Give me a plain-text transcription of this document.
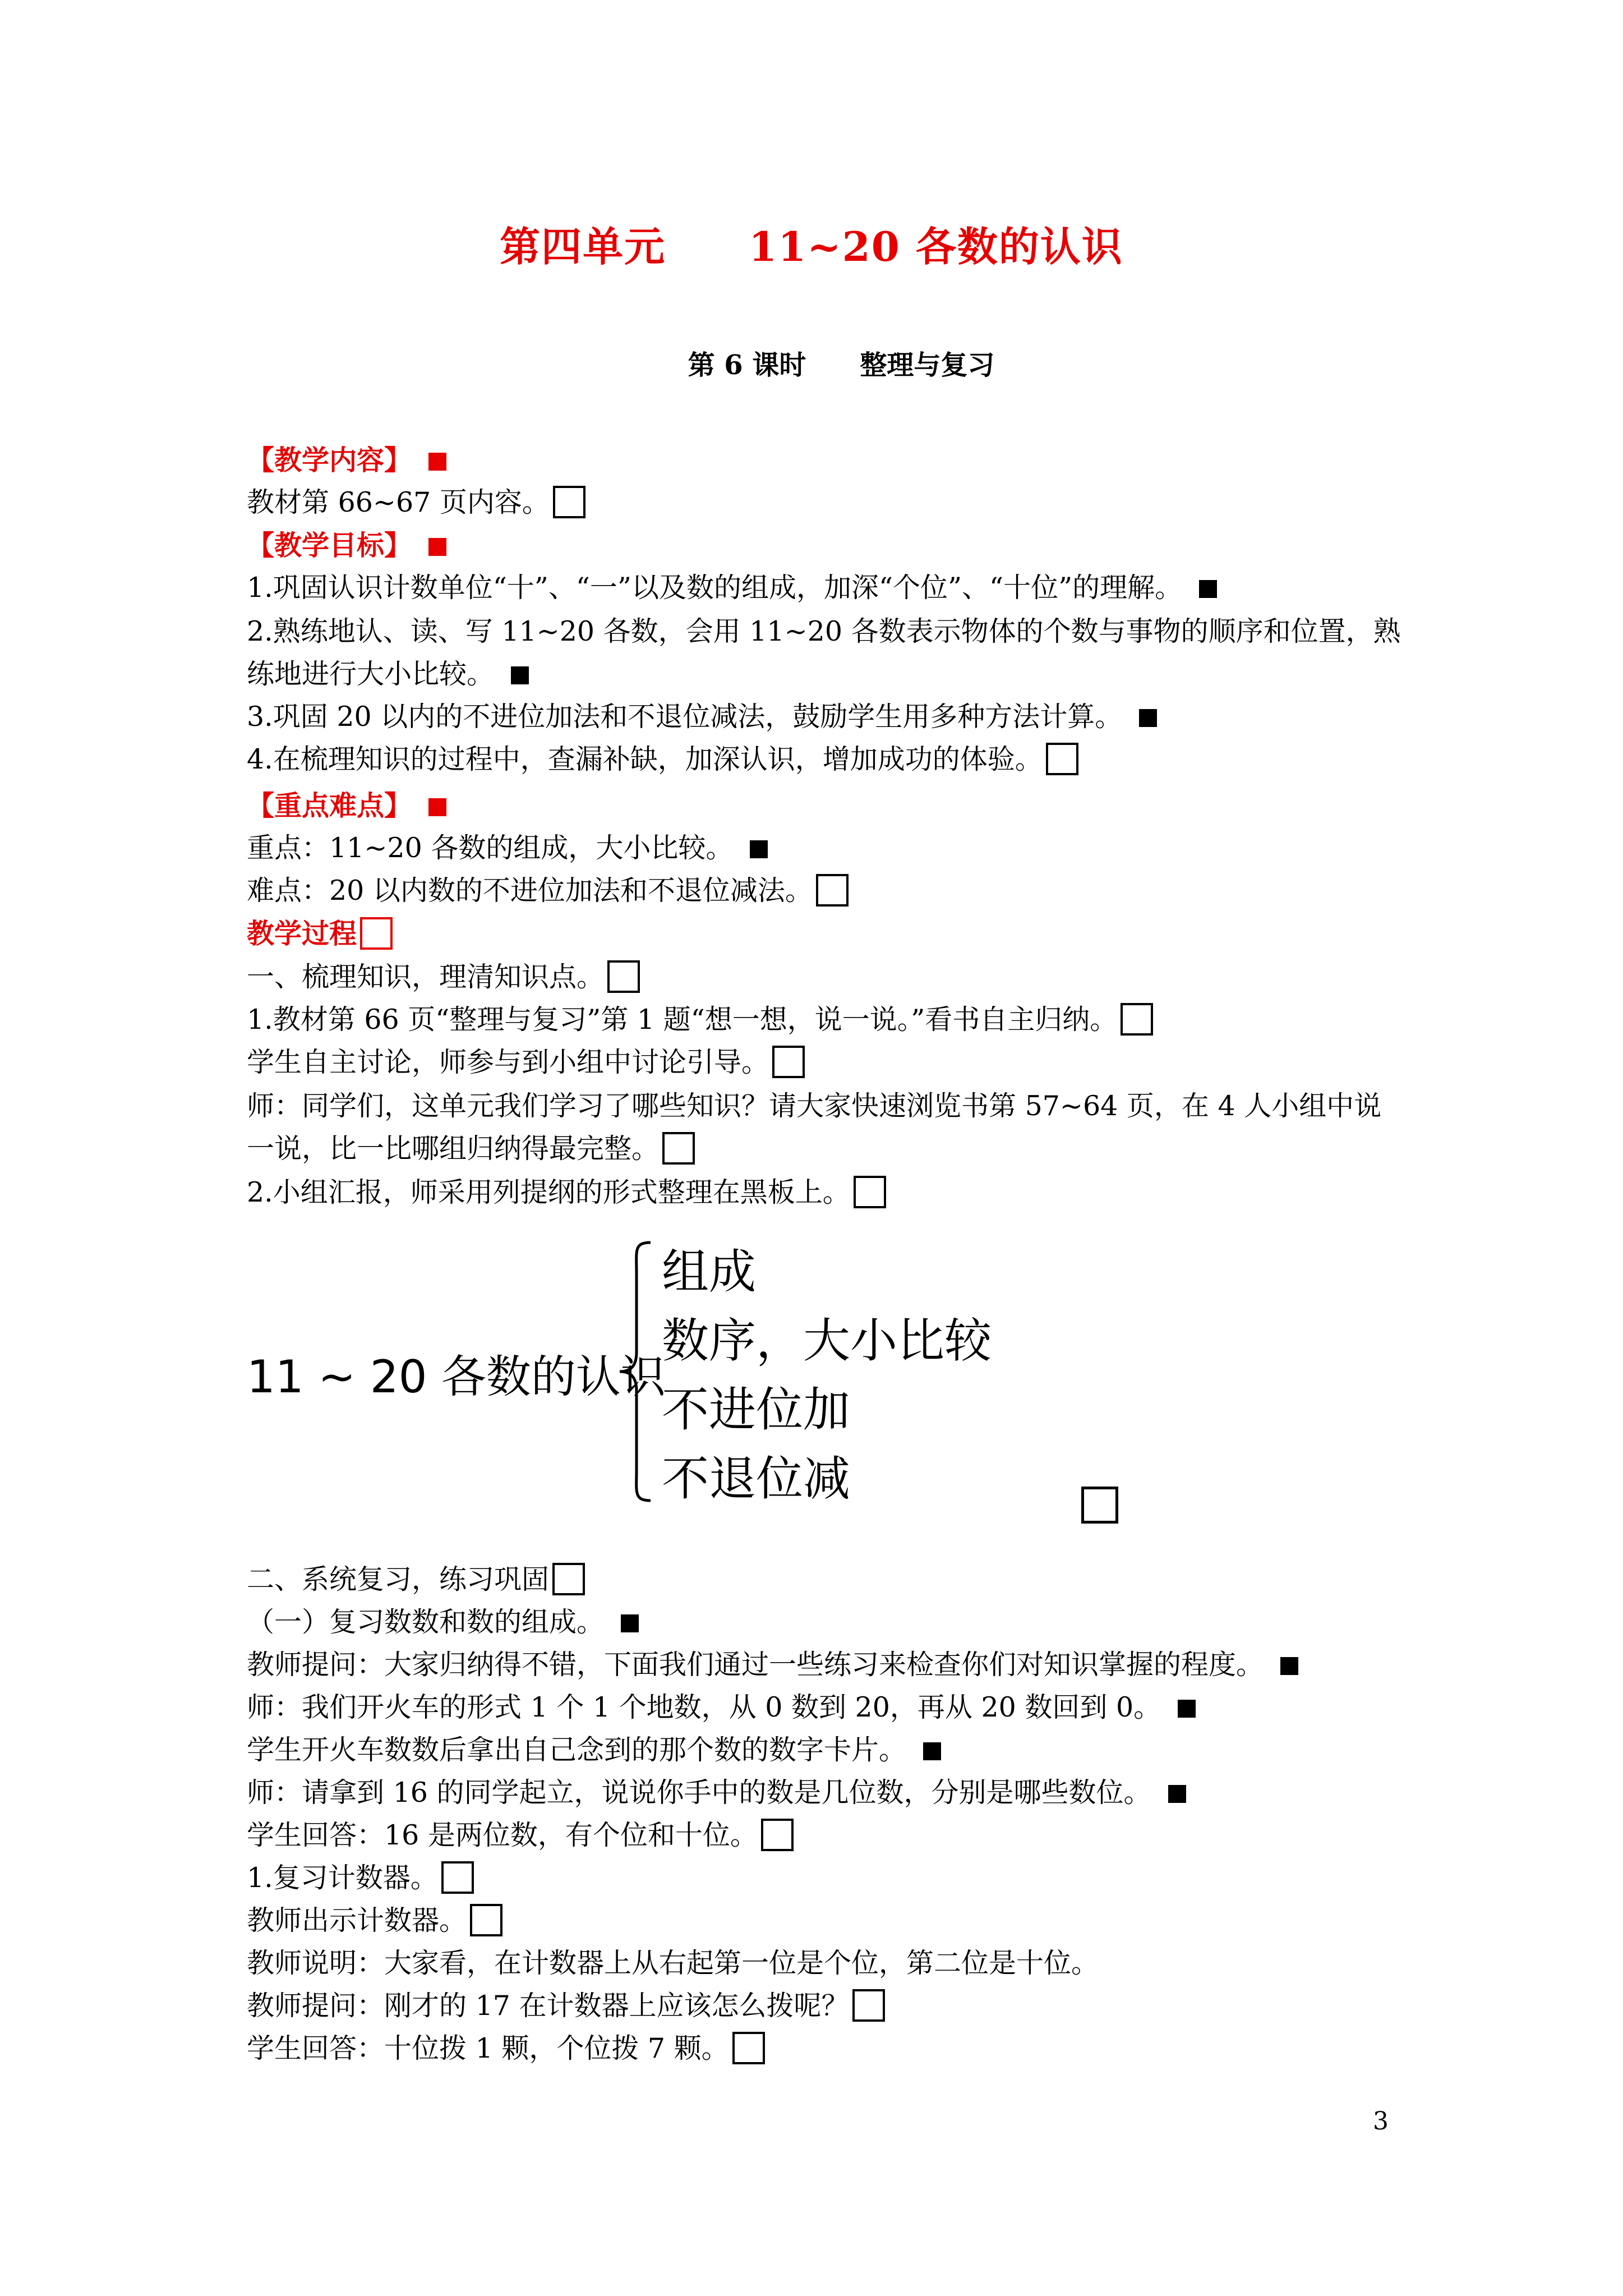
第四单元　　11~20 各数的认识
第 6 课时　　整理与复习
【教学内容】
教材第 66~67 页内容。
【教学目标】
1.巩固认识计数单位“十”、“一”以及数的组成，加深“个位”、“十位”的理解。
2.熟练地认、读、写 11~20 各数，会用 11~20 各数表示物体的个数与事物的顺序和位置，熟
练地进行大小比较。
3.巩固 20 以内的不进位加法和不退位减法，鼓励学生用多种方法计算。
4.在梳理知识的过程中，查漏补缺，加深认识，增加成功的体验。
【重点难点】
重点：11~20 各数的组成，大小比较。
难点：20 以内数的不进位加法和不退位减法。
教学过程
一、梳理知识，理清知识点。
1.教材第 66 页“整理与复习”第 1 题“想一想，说一说。”看书自主归纳。
学生自主讨论，师参与到小组中讨论引导。
师：同学们，这单元我们学习了哪些知识？请大家快速浏览书第 57~64 页，在 4 人小组中说
一说，比一比哪组归纳得最完整。
2.小组汇报，师采用列提纲的形式整理在黑板上。
11 ~ 20 各数的认识
组成
数序，大小比较
不进位加
不退位减
二、系统复习，练习巩固
（一）复习数数和数的组成。
教师提问：大家归纳得不错，下面我们通过一些练习来检查你们对知识掌握的程度。
师：我们开火车的形式 1 个 1 个地数，从 0 数到 20，再从 20 数回到 0。
学生开火车数数后拿出自己念到的那个数的数字卡片。
师：请拿到 16 的同学起立，说说你手中的数是几位数，分别是哪些数位。
学生回答：16 是两位数，有个位和十位。
1.复习计数器。
教师出示计数器。
教师说明：大家看，在计数器上从右起第一位是个位，第二位是十位。
教师提问：刚才的 17 在计数器上应该怎么拨呢？
学生回答：十位拨 1 颗，个位拨 7 颗。
3
